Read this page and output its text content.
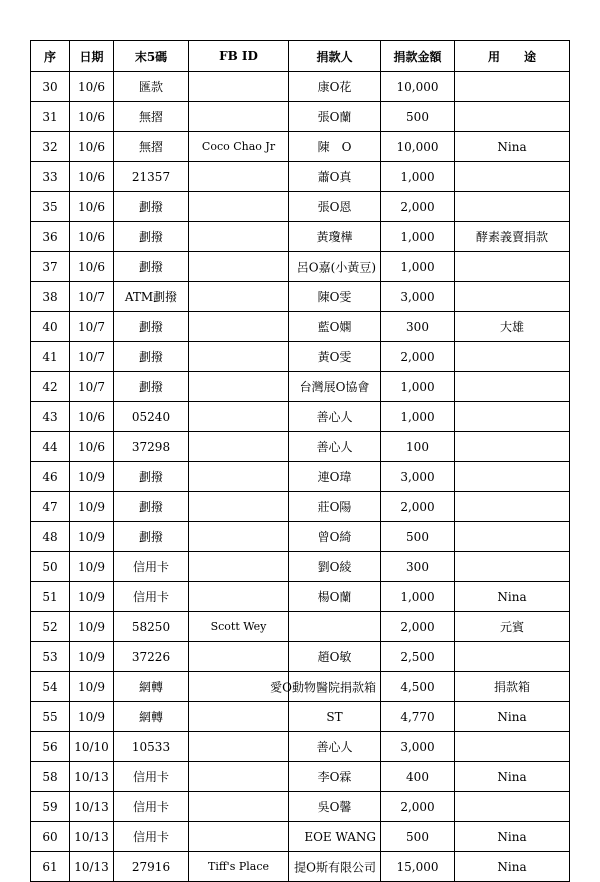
序	日期	末5碼	FB ID	捐款人	捐款金額	用　　途
30	10/6	匯款		康O花	10,000	
31	10/6	無摺		張O蘭	500	
32	10/6	無摺	Coco Chao Jr	陳　O	10,000	Nina
33	10/6	21357		蕭O真	1,000	
35	10/6	劃撥		張O恩	2,000	
36	10/6	劃撥		黃瓊樺	1,000	酵素義賣捐款
37	10/6	劃撥		呂O嘉(小黃豆)	1,000	
38	10/7	ATM劃撥		陳O雯	3,000	
40	10/7	劃撥		藍O嫻	300	大雄
41	10/7	劃撥		黃O雯	2,000	
42	10/7	劃撥		台灣展O協會	1,000	
43	10/6	05240		善心人	1,000	
44	10/6	37298		善心人	100	
46	10/9	劃撥		連O瑋	3,000	
47	10/9	劃撥		莊O陽	2,000	
48	10/9	劃撥		曾O綺	500	
50	10/9	信用卡		劉O綾	300	
51	10/9	信用卡		楊O蘭	1,000	Nina
52	10/9	58250	Scott Wey		2,000	元賓
53	10/9	37226		趙O敏	2,500	
54	10/9	網轉		愛O動物醫院捐款箱	4,500	捐款箱
55	10/9	網轉		ST	4,770	Nina
56	10/10	10533		善心人	3,000	
58	10/13	信用卡		李O霖	400	Nina
59	10/13	信用卡		吳O馨	2,000	
60	10/13	信用卡		EOE WANG	500	Nina
61	10/13	27916	Tiff's Place	提O斯有限公司	15,000	Nina
